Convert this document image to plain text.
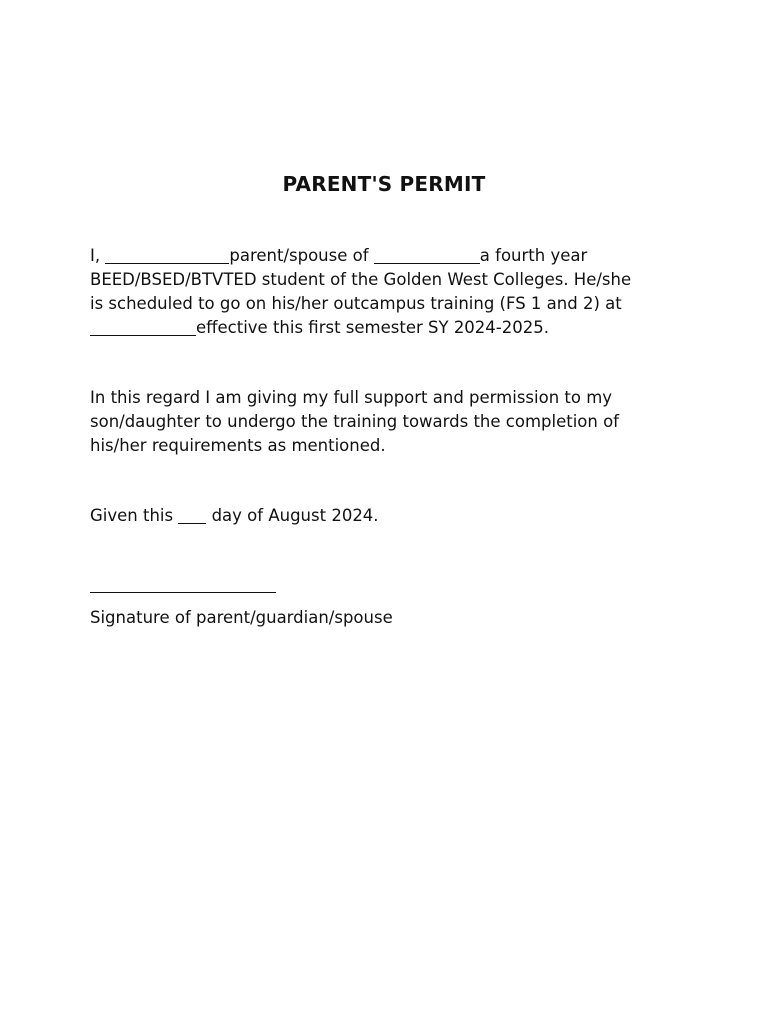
PARENT'S PERMIT

I,	parent/spouse of	a fourth year
BEED/BSED/BTVTED student of the Golden West Colleges. He/she
is scheduled to go on his/her outcampus training (FS 1 and 2) at
effective this first semester SY 2024-2025.

In this regard I am giving my full support and permission to my
son/daughter to undergo the training towards the completion of
his/her requirements as mentioned.

Given this  day of August 2024.

Signature of parent/guardian/spouse
